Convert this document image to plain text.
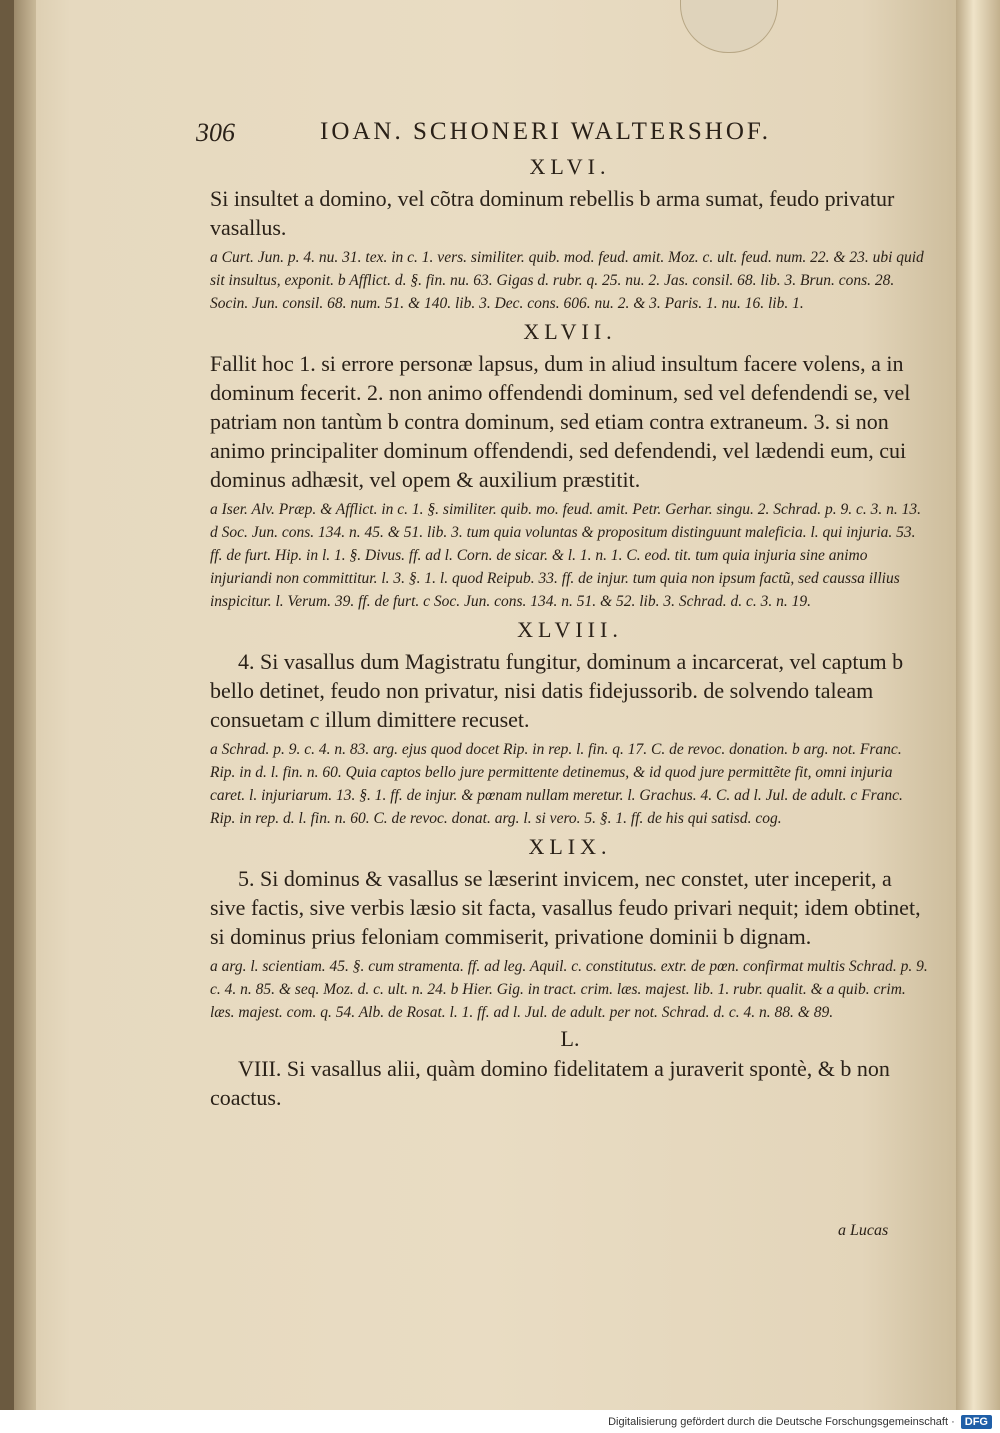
306	IOAN. SCHONERI WALTERSHOF.
XLVI.

Si insultet a domino, vel cõtra dominum rebellis b arma sumat, feudo privatur vasallus.

a Curt. Jun. p. 4. nu. 31. tex. in c. 1. vers. similiter. quib. mod. feud. amit. Moz. c. ult. feud. num. 22. & 23. ubi quid sit insultus, exponit. b Afflict. d. §. fin. nu. 63. Gigas d. rubr. q. 25. nu. 2. Jas. consil. 68. lib. 3. Brun. cons. 28. Socin. Jun. consil. 68. num. 51. & 140. lib. 3. Dec. cons. 606. nu. 2. & 3. Paris. 1. nu. 16. lib. 1.

XLVII.

Fallit hoc 1. si errore personæ lapsus, dum in aliud insultum facere volens, a in dominum fecerit. 2. non animo offendendi dominum, sed vel defendendi se, vel patriam non tantùm b contra dominum, sed etiam contra extraneum. 3. si non animo principaliter dominum offendendi, sed defendendi, vel lædendi eum, cui dominus adhæsit, vel opem & auxilium præstitit.

a Iser. Alv. Præp. & Afflict. in c. 1. §. similiter. quib. mo. feud. amit. Petr. Gerhar. singu. 2. Schrad. p. 9. c. 3. n. 13. d Soc. Jun. cons. 134. n. 45. & 51. lib. 3. tum quia voluntas & propositum distinguunt maleficia. l. qui injuria. 53. ff. de furt. Hip. in l. 1. §. Divus. ff. ad l. Corn. de sicar. & l. 1. n. 1. C. eod. tit. tum quia injuria sine animo injuriandi non committitur. l. 3. §. 1. l. quod Reipub. 33. ff. de injur. tum quia non ipsum factũ, sed caussa illius inspicitur. l. Verum. 39. ff. de furt. c Soc. Jun. cons. 134. n. 51. & 52. lib. 3. Schrad. d. c. 3. n. 19.

XLVIII.

4. Si vasallus dum Magistratu fungitur, dominum a incarcerat, vel captum b bello detinet, feudo non privatur, nisi datis fidejussorib. de solvendo taleam consuetam c illum dimittere recuset.

a Schrad. p. 9. c. 4. n. 83. arg. ejus quod docet Rip. in rep. l. fin. q. 17. C. de revoc. donation. b arg. not. Franc. Rip. in d. l. fin. n. 60. Quia captos bello jure permittente detinemus, & id quod jure permittẽte fit, omni injuria caret. l. injuriarum. 13. §. 1. ff. de injur. & pœnam nullam meretur. l. Grachus. 4. C. ad l. Jul. de adult. c Franc. Rip. in rep. d. l. fin. n. 60. C. de revoc. donat. arg. l. si vero. 5. §. 1. ff. de his qui satisd. cog.

XLIX.

5. Si dominus & vasallus se læserint invicem, nec constet, uter inceperit, a sive factis, sive verbis læsio sit facta, vasallus feudo privari nequit; idem obtinet, si dominus prius feloniam commiserit, privatione dominii b dignam.

a arg. l. scientiam. 45. §. cum stramenta. ff. ad leg. Aquil. c. constitutus. extr. de pœn. confirmat multis Schrad. p. 9. c. 4. n. 85. & seq. Moz. d. c. ult. n. 24. b Hier. Gig. in tract. crim. læs. majest. lib. 1. rubr. qualit. & a quib. crim. læs. majest. com. q. 54. Alb. de Rosat. l. 1. ff. ad l. Jul. de adult. per not. Schrad. d. c. 4. n. 88. & 89.

L.

VIII. Si vasallus alii, quàm domino fidelitatem a juraverit spontè, & b non coactus.

a Lucas
Digitalisierung gefördert durch die Deutsche Forschungsgemeinschaft · DFG
